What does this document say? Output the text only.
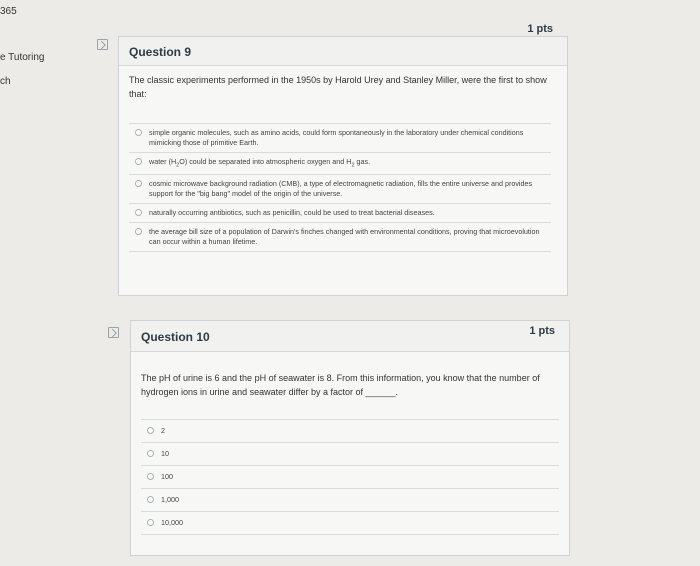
365
e Tutoring
ch
Question 9
1 pts
The classic experiments performed in the 1950s by Harold Urey and Stanley Miller, were the first to show that:
simple organic molecules, such as amino acids, could form spontaneously in the laboratory under chemical conditions mimicking those of primitive Earth.
water $(H_2O)$ could be separated into atmospheric oxygen and $H_2$ gas.
cosmic microwave background radiation (CMB), a type of electromagnetic radiation, fills the entire universe and provides support for the "big bang" model of the origin of the universe.
naturally occurring antibiotics, such as penicillin, could be used to treat bacterial diseases.
the average bill size of a population of Darwin's finches changed with environmental conditions, proving that microevolution can occur within a human lifetime.
Question 10	1 pts
The pH of urine is 6 and the pH of seawater is 8. From this information, you know that the number of hydrogen ions in urine and seawater differ by a factor of ______.
2
10
100
1,000
10,000
